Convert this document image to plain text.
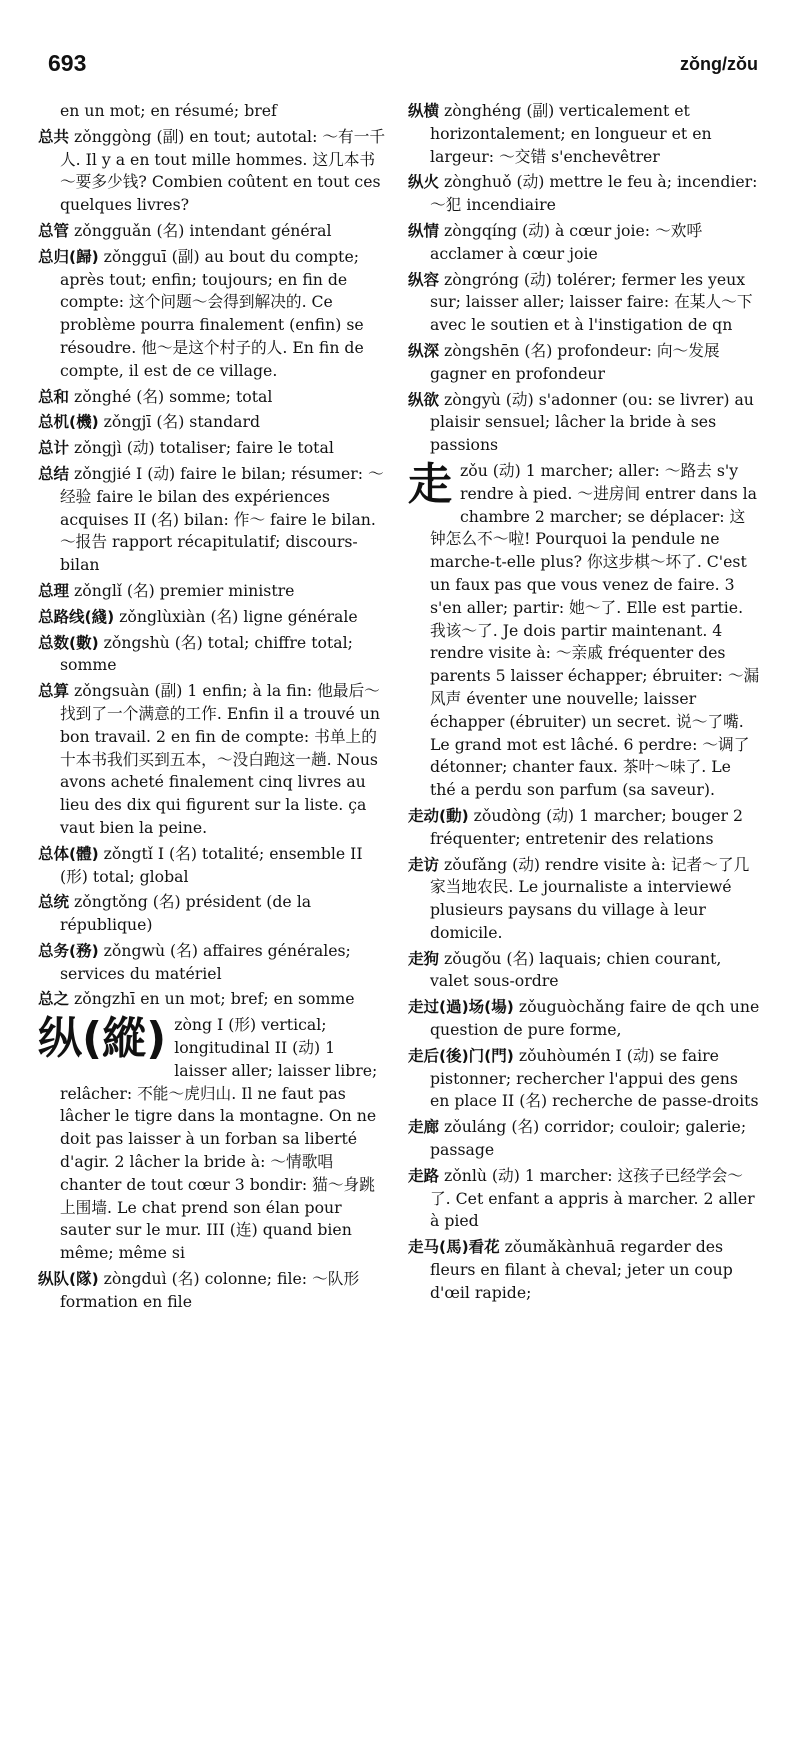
693	zǒng/zǒu
en un mot; en résumé; bref
总共 zǒnggòng (副) en tout; autotal: ～有一千人. Il y a en tout mille hommes. 这几本书～要多少钱? Combien coûtent en tout ces quelques livres?
总管 zǒngguǎn (名) intendant général
总归(歸) zǒngguī (副) au bout du compte; après tout; enfin; toujours; en fin de compte: 这个问题～会得到解决的. Ce problème pourra finalement (enfin) se résoudre. 他～是这个村子的人. En fin de compte, il est de ce village.
总和 zǒnghé (名) somme; total
总机(機) zǒngjī (名) standard
总计 zǒngjì (动) totaliser; faire le total
总结 zǒngjié I (动) faire le bilan; résumer: ～经验 faire le bilan des expériences acquises II (名) bilan: 作～ faire le bilan. ～报告 rapport récapitulatif; discours-bilan
总理 zǒnglǐ (名) premier ministre
总路线(綫) zǒnglùxiàn (名) ligne générale
总数(數) zǒngshù (名) total; chiffre total; somme
总算 zǒngsuàn (副) 1 enfin; à la fin: 他最后～找到了一个满意的工作. Enfin il a trouvé un bon travail. 2 en fin de compte: 书单上的十本书我们买到五本，～没白跑这一趟. Nous avons acheté finalement cinq livres au lieu des dix qui figurent sur la liste. ça vaut bien la peine.
总体(體) zǒngtǐ I (名) totalité; ensemble II (形) total; global
总统 zǒngtǒng (名) président (de la république)
总务(務) zǒngwù (名) affaires générales; services du matériel
总之 zǒngzhī en un mot; bref; en somme
纵(縱) zòng I (形) vertical; longitudinal II (动) 1 laisser aller; laisser libre; relâcher: 不能～虎归山. Il ne faut pas lâcher le tigre dans la montagne. On ne doit pas laisser à un forban sa liberté d'agir. 2 lâcher la bride à: ～情歌唱 chanter de tout cœur 3 bondir: 猫～身跳上围墙. Le chat prend son élan pour sauter sur le mur. III (连) quand bien même; même si
纵队(隊) zòngduì (名) colonne; file: ～队形 formation en file
纵横 zònghéng (副) verticalement et horizontalement; en longueur et en largeur: ～交错 s'enchevêtrer
纵火 zònghuǒ (动) mettre le feu à; incendier: ～犯 incendiaire
纵情 zòngqíng (动) à cœur joie: ～欢呼 acclamer à cœur joie
纵容 zòngróng (动) tolérer; fermer les yeux sur; laisser aller; laisser faire: 在某人～下 avec le soutien et à l'instigation de qn
纵深 zòngshēn (名) profondeur: 向～发展 gagner en profondeur
纵欲 zòngyù (动) s'adonner (ou: se livrer) au plaisir sensuel; lâcher la bride à ses passions
走 zǒu (动) 1 marcher; aller: ～路去 s'y rendre à pied. ～进房间 entrer dans la chambre 2 marcher; se déplacer: 这钟怎么不～啦! Pourquoi la pendule ne marche-t-elle plus? 你这步棋～坏了. C'est un faux pas que vous venez de faire. 3 s'en aller; partir: 她～了. Elle est partie. 我该～了. Je dois partir maintenant. 4 rendre visite à: ～亲戚 fréquenter des parents 5 laisser échapper; ébruiter: ～漏风声 éventer une nouvelle; laisser échapper (ébruiter) un secret. 说～了嘴. Le grand mot est lâché. 6 perdre: ～调了 détonner; chanter faux. 茶叶～味了. Le thé a perdu son parfum (sa saveur).
走动(動) zǒudòng (动) 1 marcher; bouger 2 fréquenter; entretenir des relations
走访 zǒufǎng (动) rendre visite à: 记者～了几家当地农民. Le journaliste a interviewé plusieurs paysans du village à leur domicile.
走狗 zǒugǒu (名) laquais; chien courant, valet sous-ordre
走过(過)场(場) zǒuguòchǎng faire de qch une question de pure forme,
走后(後)门(門) zǒuhòumén I (动) se faire pistonner; rechercher l'appui des gens en place II (名) recherche de passe-droits
走廊 zǒuláng (名) corridor; couloir; galerie; passage
走路 zǒnlù (动) 1 marcher: 这孩子已经学会～了. Cet enfant a appris à marcher. 2 aller à pied
走马(馬)看花 zǒumǎkànhuā regarder des fleurs en filant à cheval; jeter un coup d'œil rapide;
